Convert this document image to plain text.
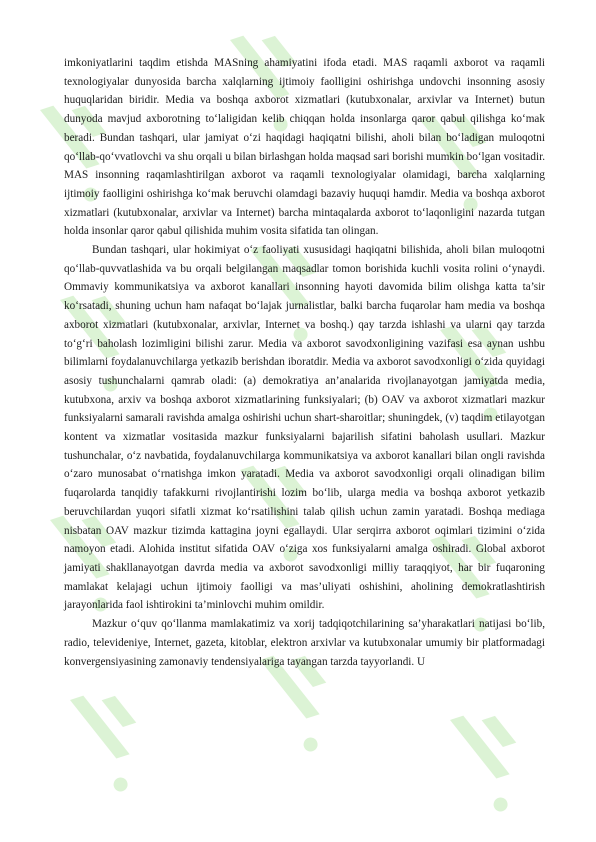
imkoniyatlarini taqdim etishda MASning ahamiyatini ifoda etadi. MAS raqamli axborot va raqamli texnologiyalar dunyosida barcha xalqlarning ijtimoiy faolligini oshirishga undovchi insonning asosiy huquqlaridan biridir. Media va boshqa axborot xizmatlari (kutubxonalar, arxivlar va Internet) butun dunyoda mavjud axborotning to‘laligidan kelib chiqqan holda insonlarga qaror qabul qilishga ko‘mak beradi. Bundan tashqari, ular jamiyat o‘zi haqidagi haqiqatni bilishi, aholi bilan bo‘ladigan muloqotni qo‘llab-qo‘vvatlovchi va shu orqali u bilan birlashgan holda maqsad sari borishi mumkin bo‘lgan vositadir. MAS insonning raqamlashtirilgan axborot va raqamli texnologiyalar olamidagi, barcha xalqlarning ijtimoiy faolligini oshirishga ko‘mak beruvchi olamdagi bazaviy huquqi hamdir. Media va boshqa axborot xizmatlari (kutubxonalar, arxivlar va Internet) barcha mintaqalarda axborot to‘laqonligini nazarda tutgan holda insonlar qaror qabul qilishida muhim vosita sifatida tan olingan.

Bundan tashqari, ular hokimiyat o‘z faoliyati xususidagi haqiqatni bilishida, aholi bilan muloqotni qo‘llab-quvvatlashida va bu orqali belgilangan maqsadlar tomon borishida kuchli vosita rolini o‘ynaydi. Ommaviy kommunikatsiya va axborot kanallari insonning hayoti davomida bilim olishga katta ta’sir ko‘rsatadi, shuning uchun ham nafaqat bo‘lajak jurnalistlar, balki barcha fuqarolar ham media va boshqa axborot xizmatlari (kutubxonalar, arxivlar, Internet va boshq.) qay tarzda ishlashi va ularni qay tarzda to‘g‘ri baholash lozimligini bilishi zarur. Media va axborot savodxonligining vazifasi esa aynan ushbu bilimlarni foydalanuvchilarga yetkazib berishdan iboratdir. Media va axborot savodxonligi o‘zida quyidagi asosiy tushunchalarni qamrab oladi: (a) demokratiya an’analarida rivojlanayotgan jamiyatda media, kutubxona, arxiv va boshqa axborot xizmatlarining funksiyalari; (b) OAV va axborot xizmatlari mazkur funksiyalarni samarali ravishda amalga oshirishi uchun shart-sharoitlar; shuningdek, (v) taqdim etilayotgan kontent va xizmatlar vositasida mazkur funksiyalarni bajarilish sifatini baholash usullari. Mazkur tushunchalar, o‘z navbatida, foydalanuvchilarga kommunikatsiya va axborot kanallari bilan ongli ravishda o‘zaro munosabat o‘rnatishga imkon yaratadi. Media va axborot savodxonligi orqali olinadigan bilim fuqarolarda tanqidiy tafakkurni rivojlantirishi lozim bo‘lib, ularga media va boshqa axborot yetkazib beruvchilardan yuqori sifatli xizmat ko‘rsatilishini talab qilish uchun zamin yaratadi. Boshqa mediaga nisbatan OAV mazkur tizimda kattagina joyni egallaydi. Ular serqirra axborot oqimlari tizimini o‘zida namoyon etadi. Alohida institut sifatida OAV o‘ziga xos funksiyalarni amalga oshiradi. Global axborot jamiyati shakllanayotgan davrda media va axborot savodxonligi milliy taraqqiyot, har bir fuqaroning mamlakat kelajagi uchun ijtimoiy faolligi va mas’uliyati oshishini, aholining demokratlashtirish jarayonlarida faol ishtirokini ta’minlovchi muhim omildir.

Mazkur o‘quv qo‘llanma mamlakatimiz va xorij tadqiqotchilarining sa’yharakatlari natijasi bo‘lib, radio, televideniye, Internet, gazeta, kitoblar, elektron arxivlar va kutubxonalar umumiy bir platformadagi konvergensiyasining zamonaviy tendensiyalariga tayangan tarzda tayyorlandi. U
